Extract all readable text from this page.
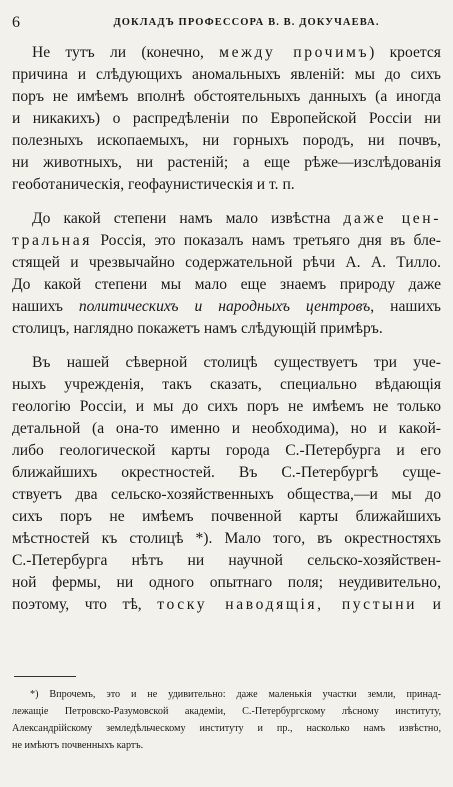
6	ДОКЛАДЪ ПРОФЕССОРА В. В. ДОКУЧАЕВА.
Не тутъ ли (конечно, между прочимъ) кроется
причина и слѣдующихъ аномальныхъ явленій: мы до сихъ
поръ не имѣемъ вполнѣ обстоятельныхъ данныхъ (а иногда
и никакихъ) о распредѣленіи по Европейской Россіи ни
полезныхъ ископаемыхъ, ни горныхъ породъ, ни почвъ,
ни животныхъ, ни растеній; а еще рѣже—изслѣдованія
геоботаническія, геофаунистическія и т. п.
До какой степени намъ мало извѣстна даже цен-
тральная Россія, это показалъ намъ третьяго дня въ бле-
стящей и чрезвычайно содержательной рѣчи А. А. Тилло.
До какой степени мы мало еще знаемъ природу даже
нашихъ политическихъ и народныхъ центровъ, нашихъ
столицъ, наглядно покажетъ намъ слѣдующій примѣръ.
Въ нашей сѣверной столицѣ существуетъ три уче-
ныхъ учрежденія, такъ сказать, специально вѣдающія
геологію Россіи, и мы до сихъ поръ не имѣемъ не только
детальной (а она-то именно и необходима), но и какой-
либо геологической карты города С.-Петербурга и его
ближайшихъ окрестностей. Въ С.-Петербургѣ суще-
ствуетъ два сельско-хозяйственныхъ общества,—и мы до
сихъ поръ не имѣемъ почвенной карты ближайшихъ
мѣстностей къ столицѣ *). Мало того, въ окрестностяхъ
С.-Петербурга нѣтъ ни научной сельско-хозяйствен-
ной фермы, ни одного опытнаго поля; неудивительно,
поэтому, что тѣ, тоску наводящія, пустыни и
*) Впрочемъ, это и не удивительно: даже маленькія участки земли, принад-
лежащіе Петровско-Разумовской академіи, С.-Петербургскому лѣсному институту,
Александрійскому земледѣльческому институту и пр., насколько намъ извѣстно,
не имѣютъ почвенныхъ картъ.
